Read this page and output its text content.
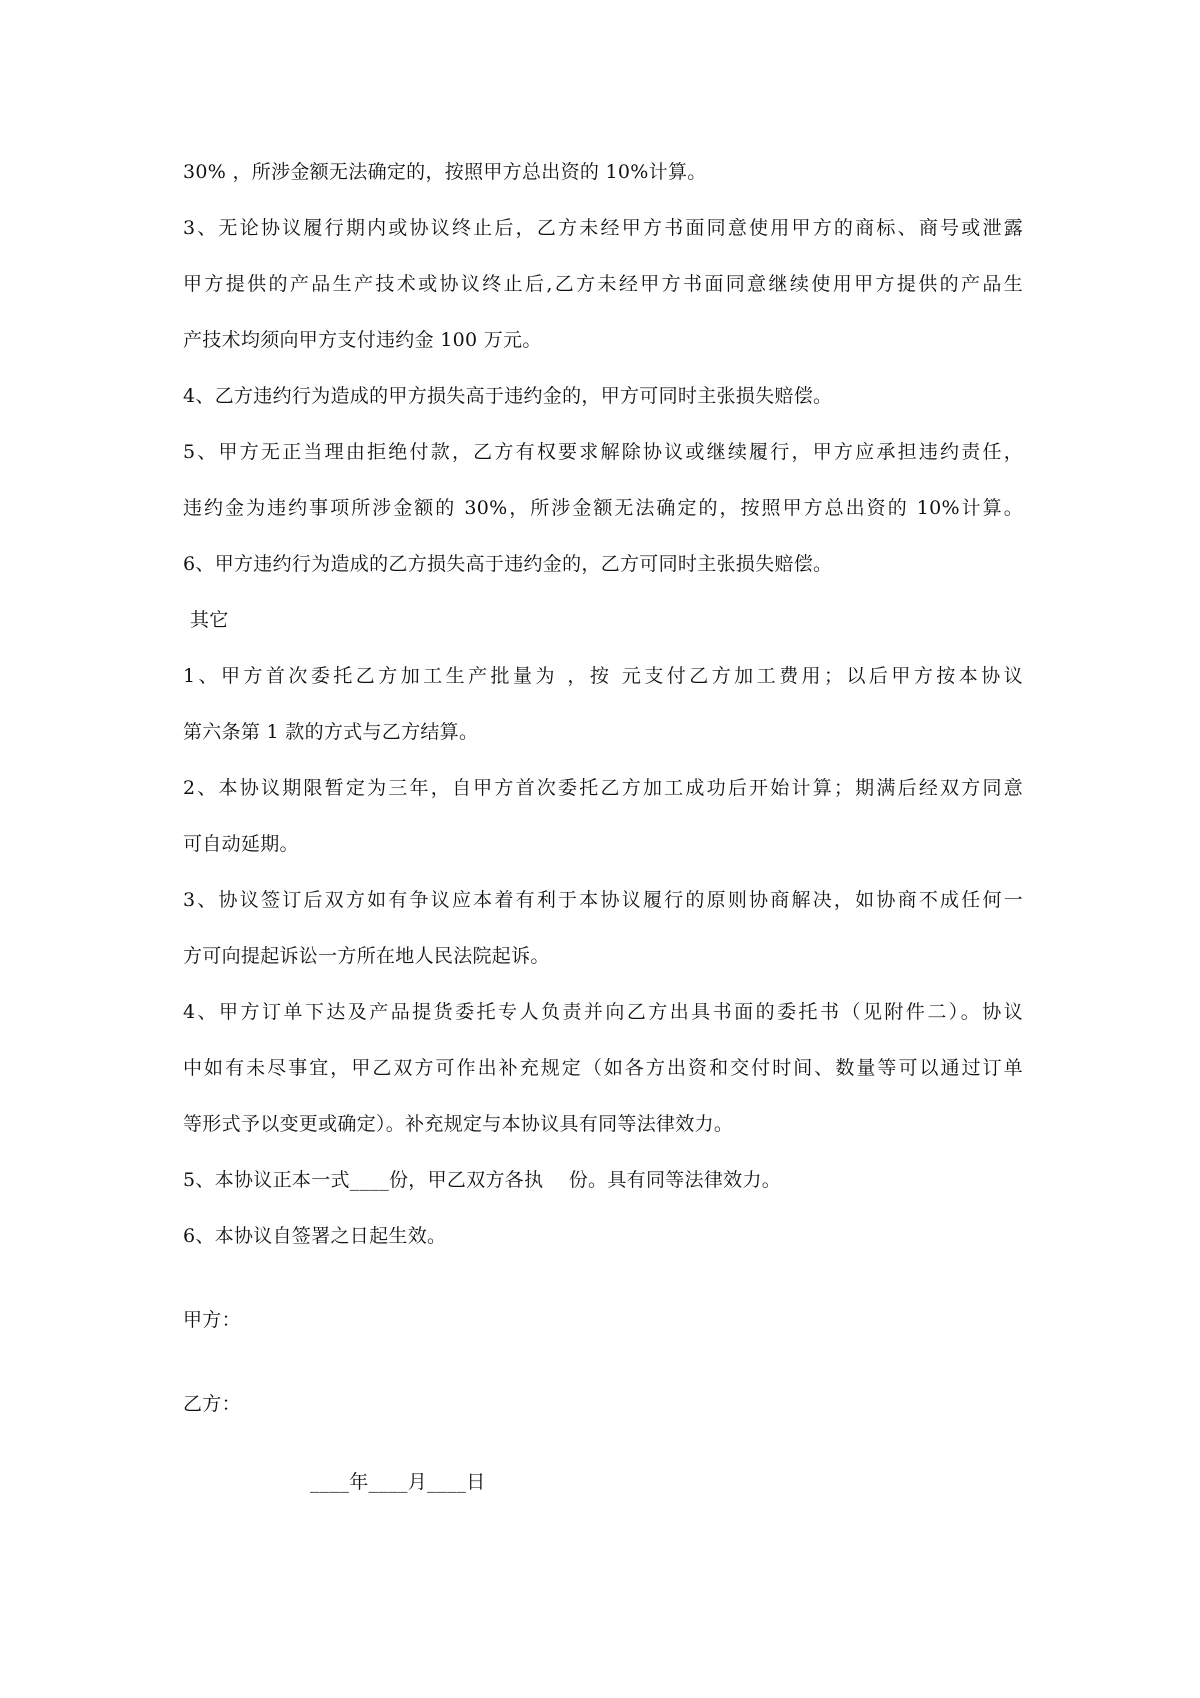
30% ，所涉金额无法确定的，按照甲方总出资的 10%计算。
3、无论协议履行期内或协议终止后，乙方未经甲方书面同意使用甲方的商标、商号或泄露
甲方提供的产品生产技术或协议终止后,乙方未经甲方书面同意继续使用甲方提供的产品生
产技术均须向甲方支付违约金 100 万元。
4、乙方违约行为造成的甲方损失高于违约金的，甲方可同时主张损失赔偿。
5、甲方无正当理由拒绝付款，乙方有权要求解除协议或继续履行，甲方应承担违约责任，
违约金为违约事项所涉金额的 30%，所涉金额无法确定的，按照甲方总出资的 10%计算。
6、甲方违约行为造成的乙方损失高于违约金的，乙方可同时主张损失赔偿。
其它
1、甲方首次委托乙方加工生产批量为 ，按 元支付乙方加工费用；以后甲方按本协议
第六条第 1 款的方式与乙方结算。
2、本协议期限暂定为三年，自甲方首次委托乙方加工成功后开始计算；期满后经双方同意
可自动延期。
3、协议签订后双方如有争议应本着有利于本协议履行的原则协商解决，如协商不成任何一
方可向提起诉讼一方所在地人民法院起诉。
4、甲方订单下达及产品提货委托专人负责并向乙方出具书面的委托书（见附件二）。协议
中如有未尽事宜，甲乙双方可作出补充规定（如各方出资和交付时间、数量等可以通过订单
等形式予以变更或确定）。补充规定与本协议具有同等法律效力。
5、本协议正本一式____份，甲乙双方各执    份。具有同等法律效力。
6、本协议自签署之日起生效。
甲方：
乙方：
____年____月____日
